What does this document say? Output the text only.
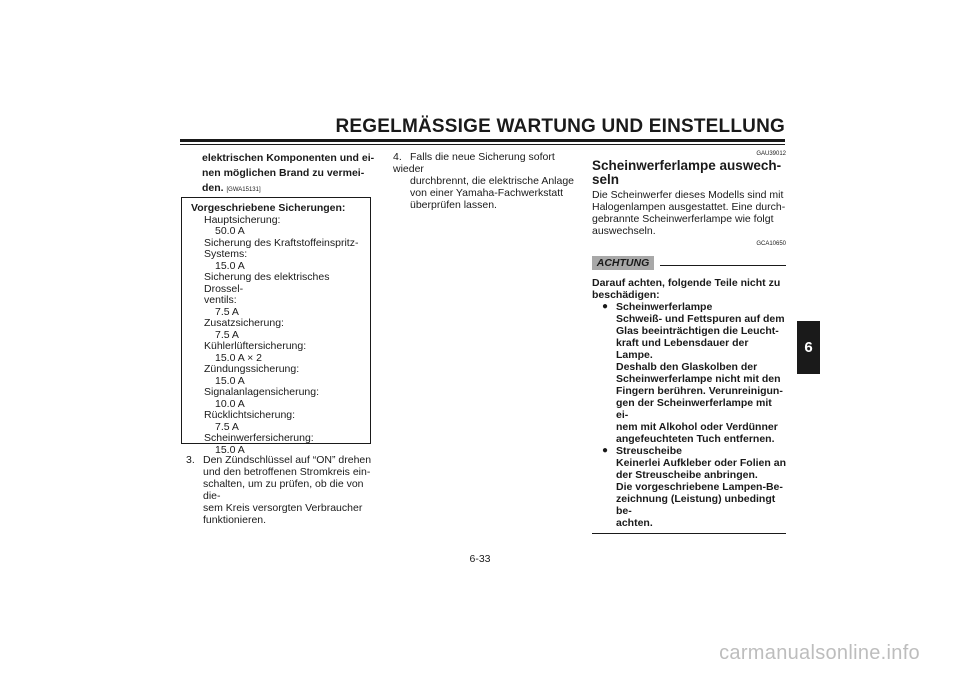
REGELMÄSSIGE WARTUNG UND EINSTELLUNG
6
elektrischen Komponenten und ei-
nen möglichen Brand zu vermei-
den. [GWA15131]
Vorgeschriebene Sicherungen:
Hauptsicherung:
50.0 A
Sicherung des Kraftstoffeinspritz-
Systems:
15.0 A
Sicherung des elektrisches Drossel-
ventils:
7.5 A
Zusatzsicherung:
7.5 A
Kühlerlüftersicherung:
15.0 A × 2
Zündungssicherung:
15.0 A
Signalanlagensicherung:
10.0 A
Rücklichtsicherung:
7.5 A
Scheinwerfersicherung:
15.0 A
3. Den Zündschlüssel auf “ON” drehen
und den betroffenen Stromkreis ein-
schalten, um zu prüfen, ob die von die-
sem Kreis versorgten Verbraucher
funktionieren.
4. Falls die neue Sicherung sofort wieder
durchbrennt, die elektrische Anlage
von einer Yamaha-Fachwerkstatt
überprüfen lassen.
GAU39012
Scheinwerferlampe auswech-
seln
Die Scheinwerfer dieses Modells sind mit
Halogenlampen ausgestattet. Eine durch-
gebrannte Scheinwerferlampe wie folgt
auswechseln.
GCA10650
ACHTUNG
Darauf achten, folgende Teile nicht zu
beschädigen:
● Scheinwerferlampe
Schweiß- und Fettspuren auf dem
Glas beeinträchtigen die Leucht-
kraft und Lebensdauer der Lampe.
Deshalb den Glaskolben der
Scheinwerferlampe nicht mit den
Fingern berühren. Verunreinigun-
gen der Scheinwerferlampe mit ei-
nem mit Alkohol oder Verdünner
angefeuchteten Tuch entfernen.
● Streuscheibe
Keinerlei Aufkleber oder Folien an
der Streuscheibe anbringen.
Die vorgeschriebene Lampen-Be-
zeichnung (Leistung) unbedingt be-
achten.
6-33
carmanualsonline.info
